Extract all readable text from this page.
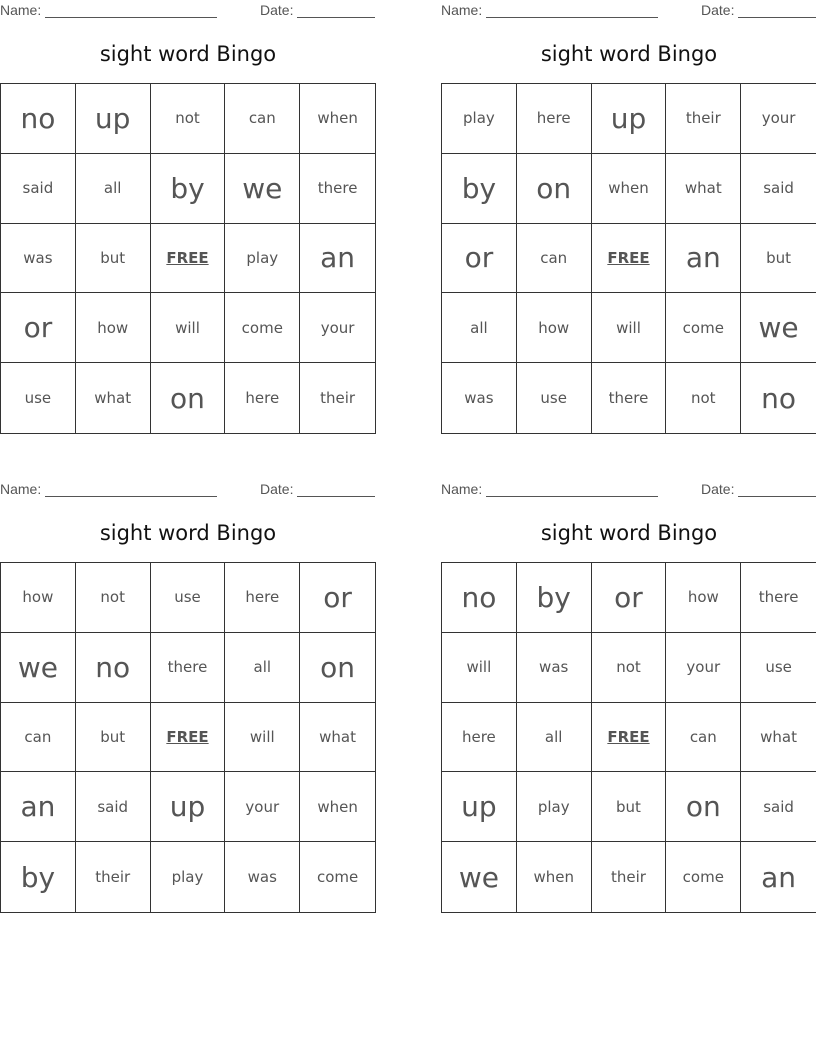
Name:	Date:
sight word Bingo
no	up	not	can	when
said	all	by	we	there
was	but	FREE	play	an
or	how	will	come	your
use	what	on	here	their
Name:	Date:
sight word Bingo
play	here	up	their	your
by	on	when	what	said
or	can	FREE	an	but
all	how	will	come	we
was	use	there	not	no
Name:	Date:
sight word Bingo
how	not	use	here	or
we	no	there	all	on
can	but	FREE	will	what
an	said	up	your	when
by	their	play	was	come
Name:	Date:
sight word Bingo
no	by	or	how	there
will	was	not	your	use
here	all	FREE	can	what
up	play	but	on	said
we	when	their	come	an
